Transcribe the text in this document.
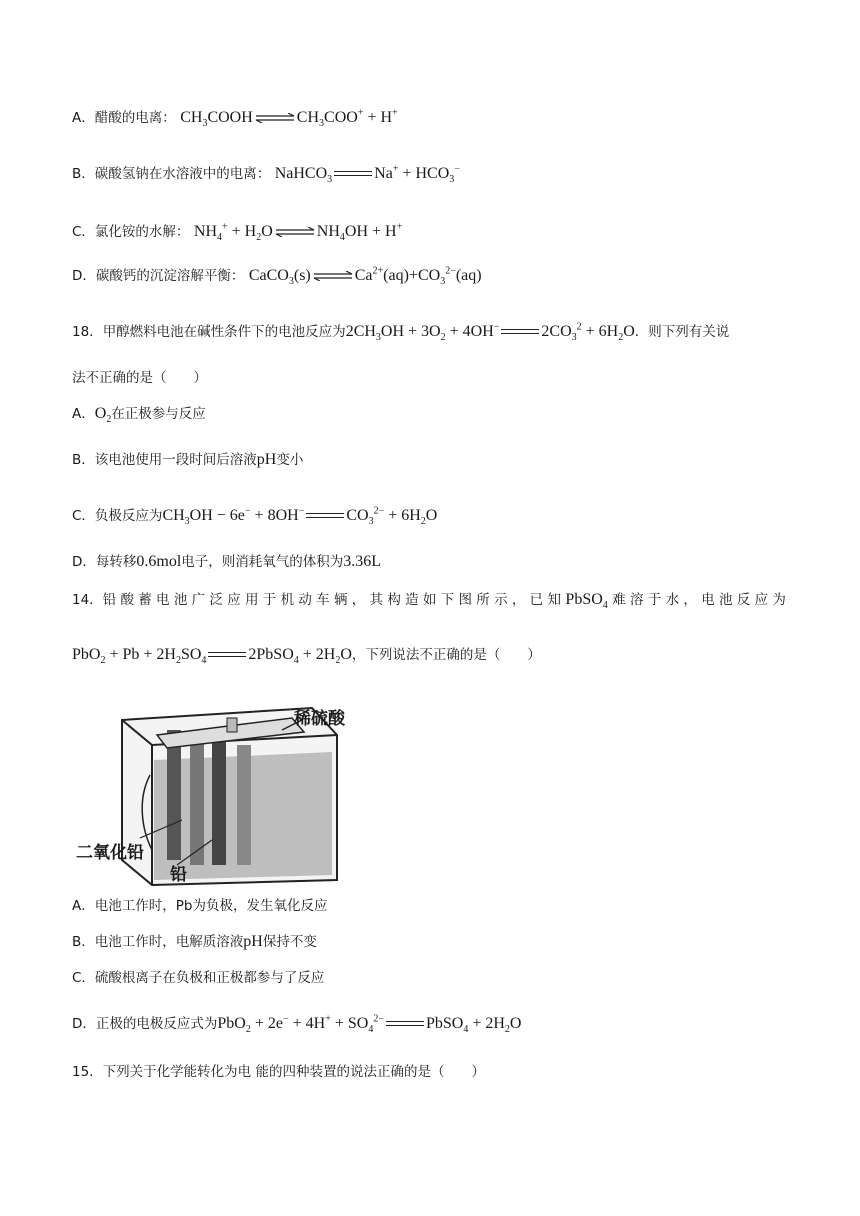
A．醋酸的电离： $CH_3COOH$ ⇌ $CH_3COO^+ + H^+$
B．碳酸氢钠在水溶液中的电离： NaHCO$_3$	$Na^+ + HCO_3^-$
C．氯化铵的水解： $NH_4^+ + H_2O$ ⇌ $NH_4OH + H^+$
D．碳酸钙的沉淀溶解平衡： CaCO$_3$(s) ⇌ $Ca^{2+}(aq)+CO_3^{2-}(aq)$
18．甲醇燃料电池在碱性条件下的电池反应为$2CH_3OH + 3O_2 + 4OH^-$	$2CO_3^2 + 6H_2O$．则下列有关说
法不正确的是（　　）
A．$O_2$在正极参与反应
B．该电池使用一段时间后溶液pH变小
C．负极反应为$CH_3OH - 6e^- + 8OH^-$	$CO_3^{2-} + 6H_2O$
D．每转移0.6mol电子，则消耗氧气的体积为3.36L
14．铅 酸 蓄 电 池 广 泛 应 用 于 机 动 车 辆 ， 其 构 造 如 下 图 所 示 ， 已 知 PbSO$_4$ 难 溶 于 水 ， 电 池 反 应 为
$PbO_2 + Pb + 2H_2SO_4$	2PbSO$_4$ + $2H_2O$，下列说法不正确的是（　　）
稀硫酸
二氧化铅
铅
A．电池工作时，Pb为负极，发生氧化反应
B．电池工作时，电解质溶液pH保持不变
C．硫酸根离子在负极和正极都参与了反应
D．正极的电极反应式为$PbO_2 + 2e^- + 4H^+ + SO_4^{2-}$	PbSO$_4$ + $2H_2O$
15．下列关于化学能转化为电 能的四种装置的说法正确的是（　　）
